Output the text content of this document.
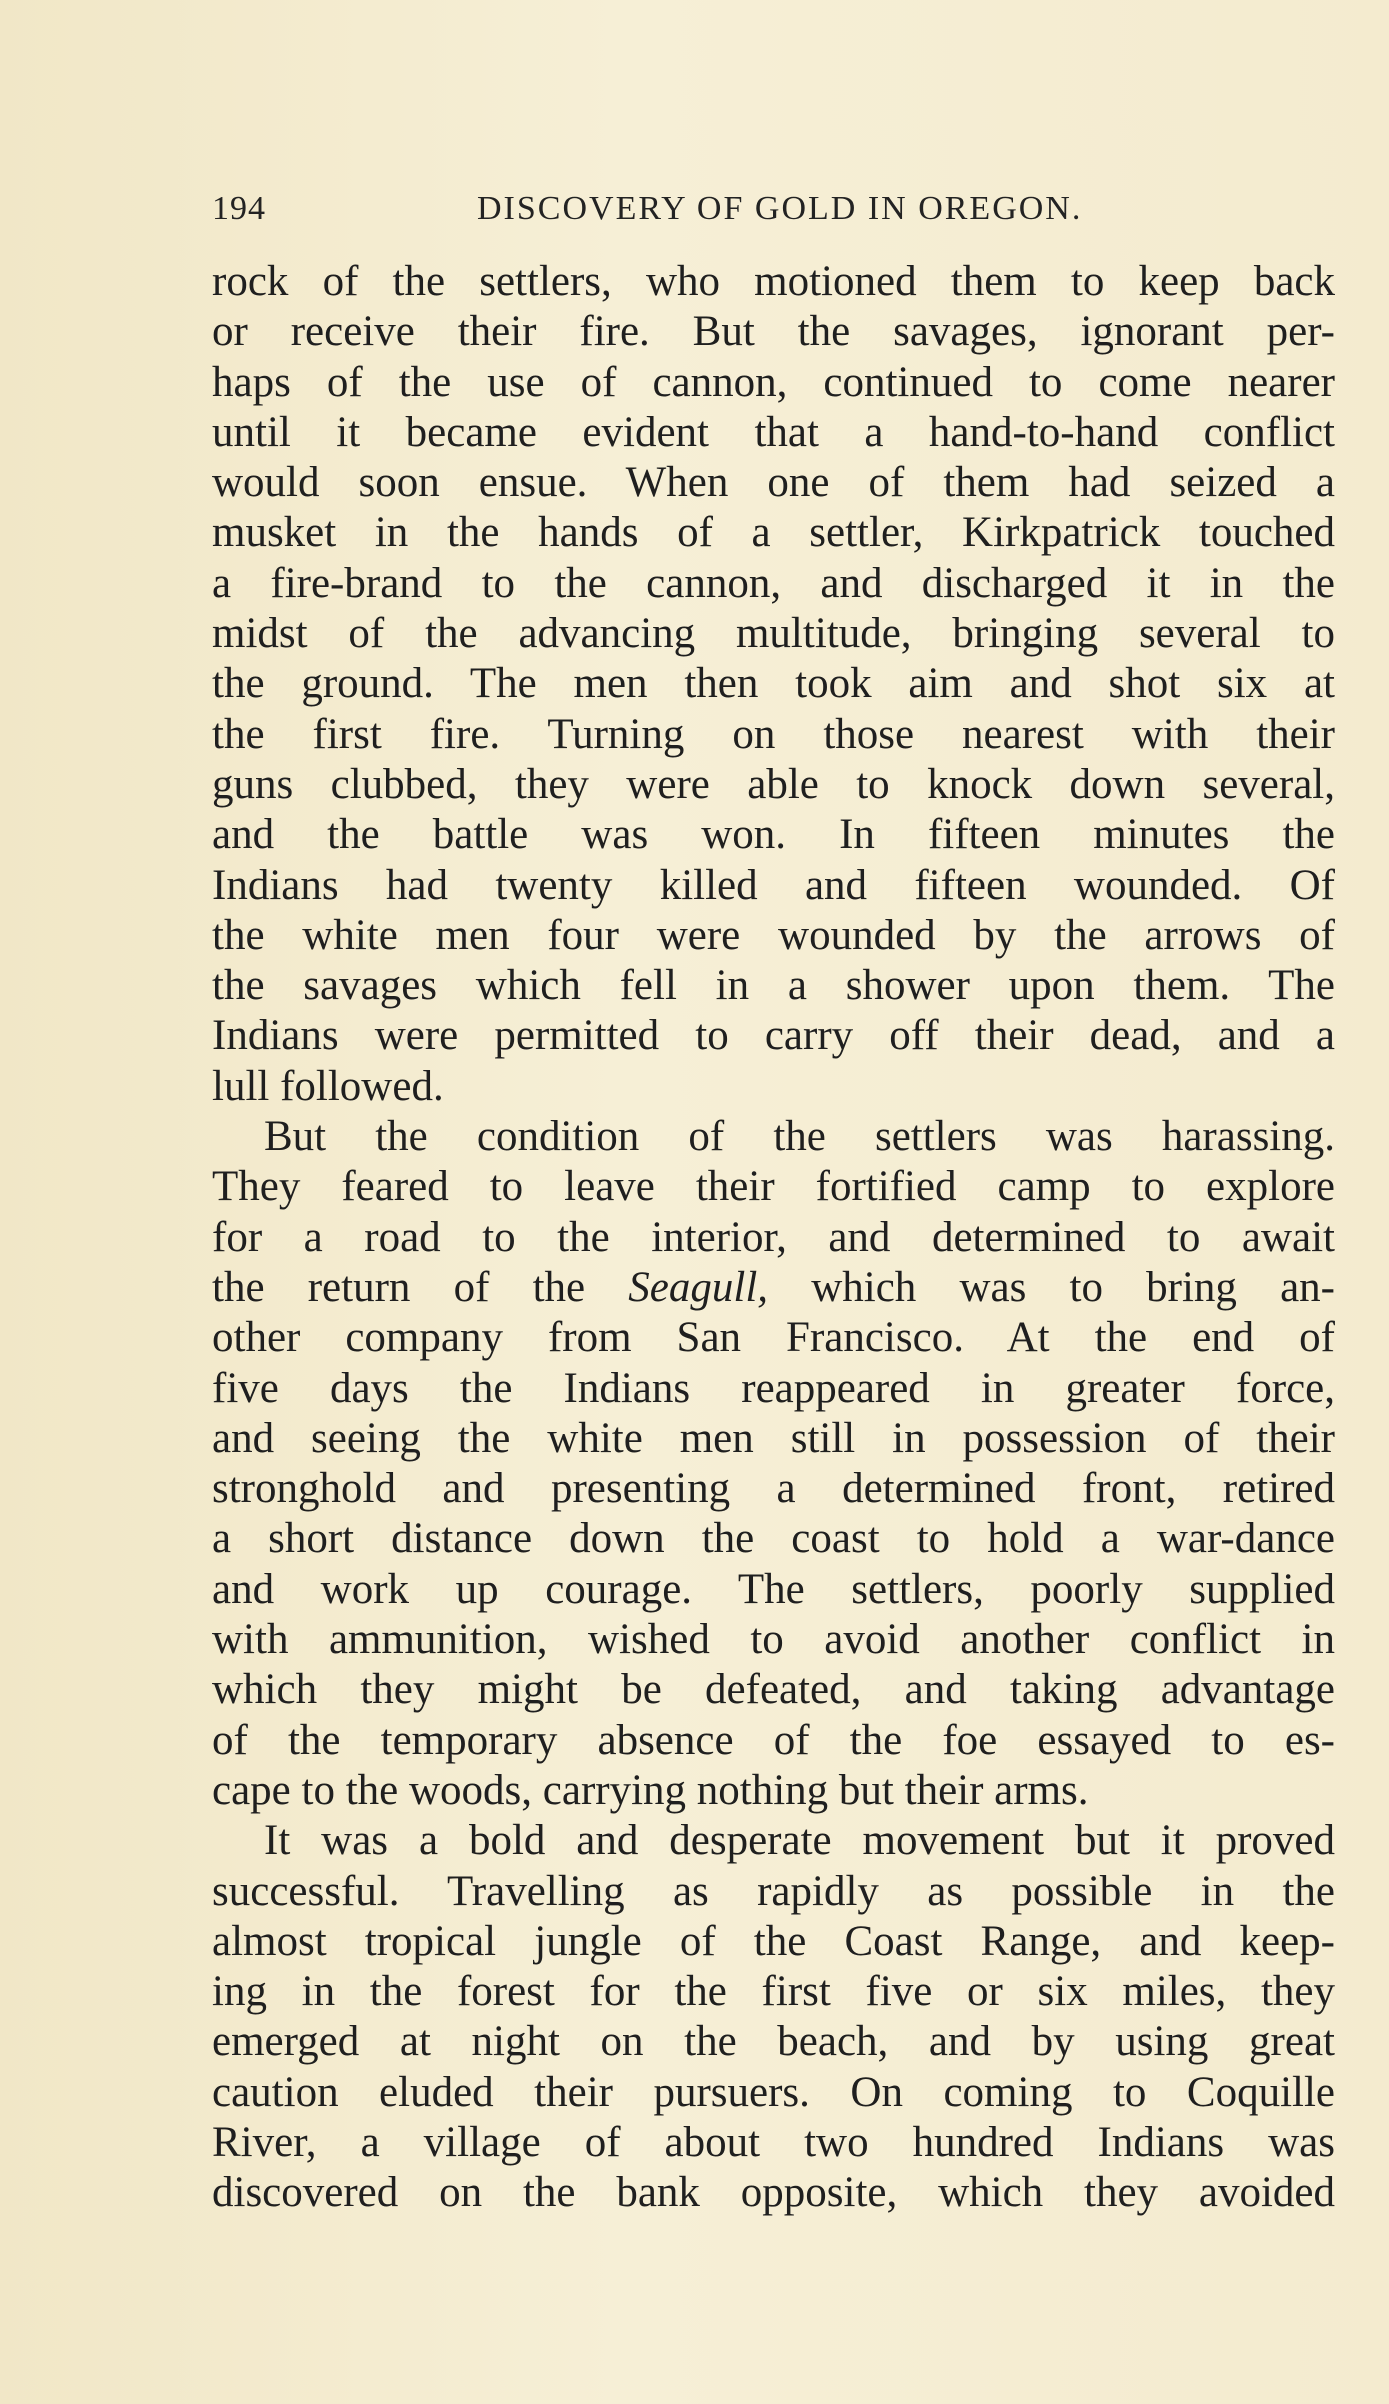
194	DISCOVERY OF GOLD IN OREGON.
rock of the settlers, who motioned them to keep back
or receive their fire. But the savages, ignorant per-
haps of the use of cannon, continued to come nearer
until it became evident that a hand-to-hand conflict
would soon ensue. When one of them had seized a
musket in the hands of a settler, Kirkpatrick touched
a fire-brand to the cannon, and discharged it in the
midst of the advancing multitude, bringing several to
the ground. The men then took aim and shot six at
the first fire. Turning on those nearest with their
guns clubbed, they were able to knock down several,
and the battle was won. In fifteen minutes the
Indians had twenty killed and fifteen wounded. Of
the white men four were wounded by the arrows of
the savages which fell in a shower upon them. The
Indians were permitted to carry off their dead, and a
lull followed.
But the condition of the settlers was harassing.
They feared to leave their fortified camp to explore
for a road to the interior, and determined to await
the return of the Seagull, which was to bring an-
other company from San Francisco. At the end of
five days the Indians reappeared in greater force,
and seeing the white men still in possession of their
stronghold and presenting a determined front, retired
a short distance down the coast to hold a war-dance
and work up courage. The settlers, poorly supplied
with ammunition, wished to avoid another conflict in
which they might be defeated, and taking advantage
of the temporary absence of the foe essayed to es-
cape to the woods, carrying nothing but their arms.
It was a bold and desperate movement but it proved
successful. Travelling as rapidly as possible in the
almost tropical jungle of the Coast Range, and keep-
ing in the forest for the first five or six miles, they
emerged at night on the beach, and by using great
caution eluded their pursuers. On coming to Coquille
River, a village of about two hundred Indians was
discovered on the bank opposite, which they avoided
